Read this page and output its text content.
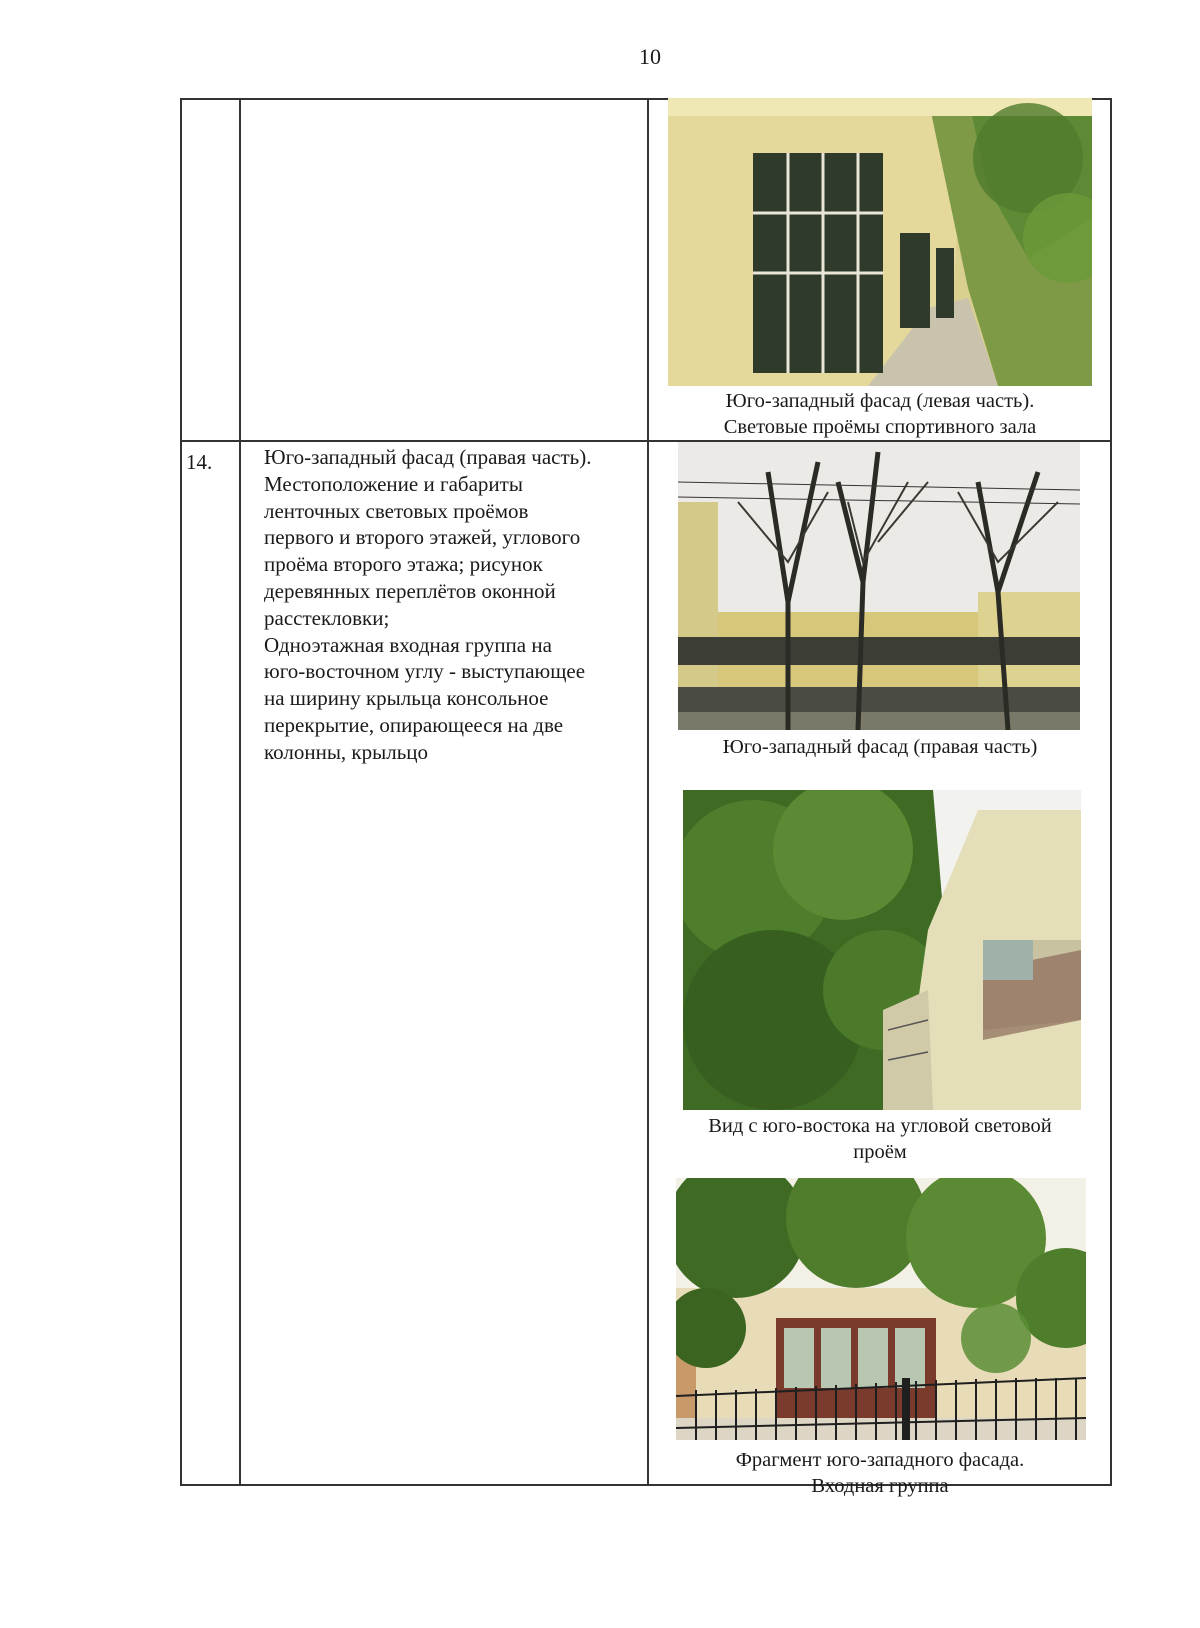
10
14. Юго-западный фасад (правая часть).

Местоположение и габариты

ленточных световых проёмов

первого и второго этажей, углового

проёма второго этажа; рисунок

деревянных переплётов оконной

расстекловки;

Одноэтажная входная группа на

юго-восточном углу - выступающее

на ширину крыльца консольное

перекрытие, опирающееся на две

колонны, крыльцо

Юго-западный фасад (левая часть).
Световые проёмы спортивного зала
Юго-западный фасад (правая часть)
Вид с юго-востока на угловой световой
проём
Фрагмент юго-западного фасада.
Входная группа
